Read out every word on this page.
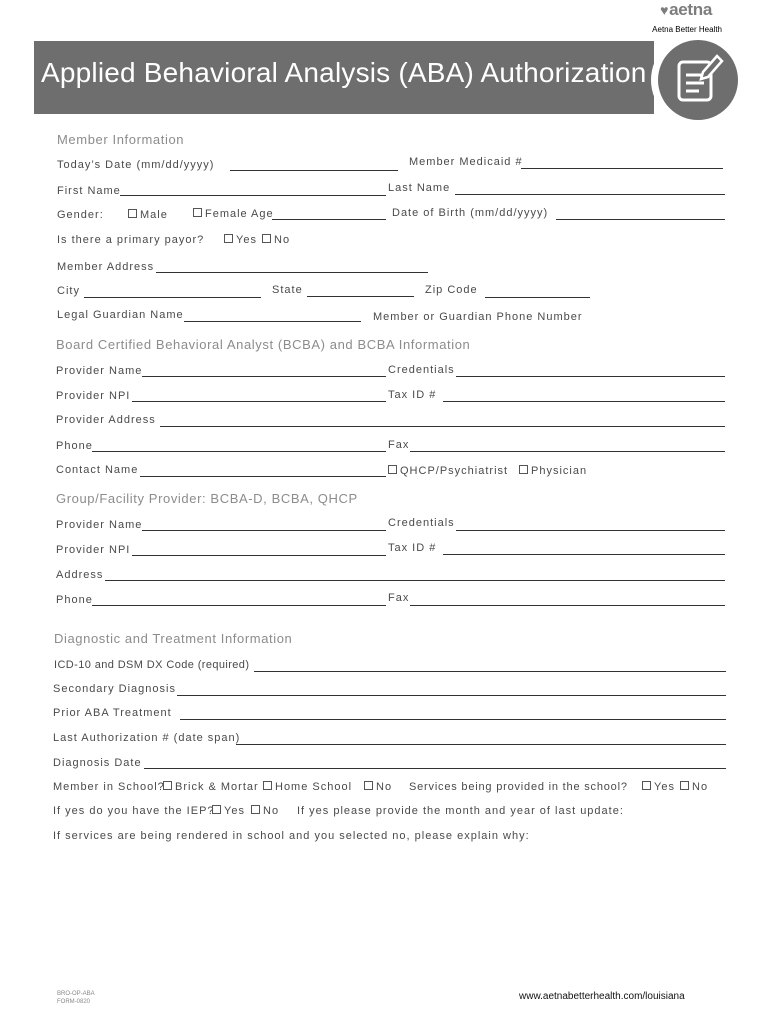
♥aetna
Aetna Better Health
Applied Behavioral Analysis (ABA) Authorization
Member Information
Today’s Date (mm/dd/yyyy)	Member Medicaid #
First Name	Last Name
Gender:	Male	Female Age	Date of Birth (mm/dd/yyyy)
Is there a primary payor?	Yes	No
Member Address
City	State	Zip Code
Legal Guardian Name	Member or Guardian Phone Number
Board Certified Behavioral Analyst (BCBA) and BCBA Information
Provider Name	Credentials
Provider NPI	Tax ID #
Provider Address
Phone	Fax
Contact Name	QHCP/Psychiatrist	Physician
Group/Facility Provider: BCBA-D, BCBA, QHCP
Provider Name	Credentials
Provider NPI	Tax ID #
Address
Phone	Fax
Diagnostic and Treatment Information
ICD-10 and DSM DX Code (required)
Secondary Diagnosis
Prior ABA Treatment
Last Authorization # (date span)
Diagnosis Date
Member in School? Brick & Mortar	Home School	No Services being provided in the school?	Yes	No
If yes do you have the IEP? Yes	No If yes please provide the month and year of last update:
If services are being rendered in school and you selected no, please explain why:
BRO-OP-ABA
FORM-0820	www.aetnabetterhealth.com/louisiana
